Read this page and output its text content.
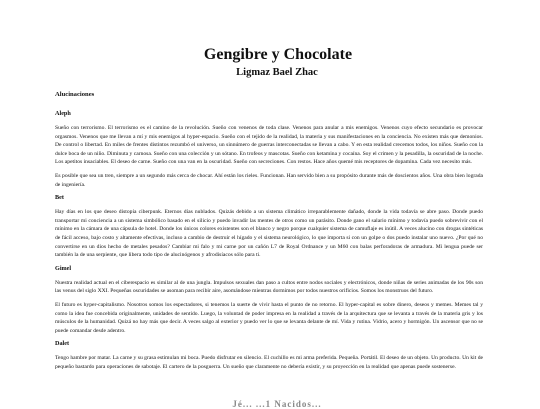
Gengibre y Chocolate
Ligmaz Bael Zhac
Alucinaciones
Aleph

Sueño con terrorismo. El terrorismo es el camino de la revolución. Sueño con venenos de toda clase. Venenos para anular a mis enemigos. Venenos cuyo efecto secundario es provocar orgasmos. Venenos que me llevan a mí y mis enemigos al hyper-espacio. Sueño con el tejido de la realidad, la materia y sus manifestaciones en la conciencia. No existen más que demonios. De control o libertad. En miles de frentes distintos rezumbó el universo, un sinnúmero de guerras interconectadas se llevan a cabo. Y en esta realidad crecemos todos, los niños. Sueño con la dulce boca de un niño. Diminuta y carnosa. Sueño con una colección y un sótano. En trofeos y mascotas. Sueño con ketamina y cocaína. Soy el crimen y la pesadilla, la oscuridad de la noche. Los apetitos insaciables. El deseo de carne. Sueño con una van en la oscuridad. Sueño con secreciones. Con restos. Hace años quemé mis receptores de dopamina. Cada vez necesito más.

Es posible que sea un tren, siempre a un segundo más cerca de chocar. Ahí están los rieles. Funcionan. Han servido bien a su propósito durante más de doscientos años. Una obra bien lograda de ingeniería.

Bet

Hay días en los que deseo distopía ciberpunk. Eternos días nublados. Quizás debido a un sistema climático irreparablemente dañado, donde la vida todavía se abre paso. Donde puedo transportar mi conciencia a un sistema simbólico basado en el silicio y puedo invadir las mentes de otros como un parásito. Donde gano el salario mínimo y todavía puedo sobrevivir con el mínimo en la cámara de una cápsula de hotel. Donde los únicos colores existentes son el blanco y negro porque cualquier sistema de camuflaje es inútil. A veces alucino con drogas sintéticas de fácil acceso, bajo costo y altamente efectivas, incluso a cambio de destruir el hígado y el sistema neurológico, lo que importa si con un golpe o dos puedo instalar uno nuevo. ¿Por qué no convertirse en un dios hecho de metales pesados? Cambiar mi falo y mi carne por un cañón L7 de Royal Ordnance y un M60 con balas perforadoras de armadura. Mi lengua puede ser también la de una serpiente, que libera todo tipo de alucinógenos y afrodisíacos sólo para ti.

Gimel

Nuestra realidad actual en el ciberespacio es similar al de una jungla. Impulsos sexuales dan paso a cultos entre nodos sociales y electrónicos, donde niñas de series animadas de los 90s son las venus del siglo XXI. Pequeñas oscuridades se asoman para recibir aire, asomándose mientras dormimos por todos nuestros orificios. Somos los monstruos del futuro.

El futuro es hyper-capitalismo. Nosotros somos los espectadores, si tenemos la suerte de vivir hasta el punto de no retorno. El hyper-capital es sobre dinero, deseos y memes. Memes tal y como la idea fue concebida originalmente, unidades de sentido. Luego, la voluntad de poder impresa en la realidad a través de la arquitectura que se levanta a través de la materia gris y los músculos de la humanidad. Quizá no hay más que decir. A veces salgo al exterior y puedo ver lo que se levanta delante de mí. Vida y rutina. Vidrio, acero y hormigón. Un ascensor que no se puede comandar desde adentro.

Dalet

Tengo hambre por matar. La carne y su grasa estimulan mi boca. Puedo disfrutar en silencio. El cuchillo es mi arma preferida. Pequeña. Portátil. El deseo de un objeto. Un producto. Un kit de pequeño bastardo para operaciones de sabotaje. El cartero de la posguerra. Un sueño que claramente no debería existir, y su proyección en la realidad que apenas puede sostenerse.

Jé... ...1 Nacidos...
